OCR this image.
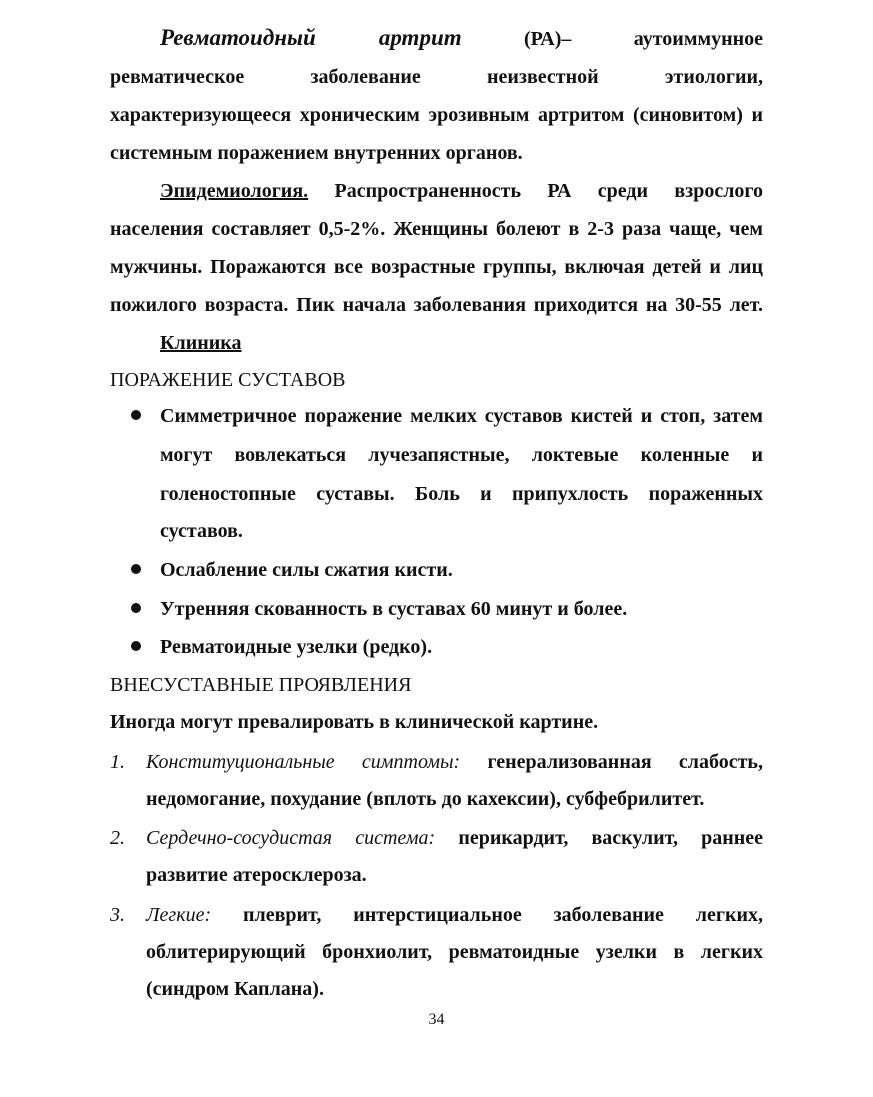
Ревматоидный артрит	(РА)–	аутоиммунное
ревматическое заболевание неизвестной этиологии,
характеризующееся хроническим эрозивным артритом (синовитом) и
системным поражением внутренних органов.
Эпидемиология. Распространенность РА среди взрослого
населения составляет 0,5-2%. Женщины болеют в 2-3 раза чаще, чем
мужчины. Поражаются все возрастные группы, включая детей и лиц
пожилого возраста. Пик начала заболевания приходится на 30-55 лет.
Клиника
ПОРАЖЕНИЕ СУСТАВОВ
Симметричное поражение мелких суставов кистей и стоп, затем
могут вовлекаться лучезапястные, локтевые коленные и
голеностопные суставы. Боль и припухлость пораженных
суставов.
Ослабление силы сжатия кисти.
Утренняя скованность в суставах 60 минут и более.
Ревматоидные узелки (редко).
ВНЕСУСТАВНЫЕ ПРОЯВЛЕНИЯ
Иногда могут превалировать в клинической картине.
1. Конституциональные симптомы: генерализованная слабость,
недомогание, похудание (вплоть до кахексии), субфебрилитет.
2. Сердечно-сосудистая система: перикардит, васкулит, раннее
развитие атеросклероза.
3. Легкие: плеврит, интерстициальное заболевание легких,
облитерирующий бронхиолит, ревматоидные узелки в легких
(синдром Каплана).
34
